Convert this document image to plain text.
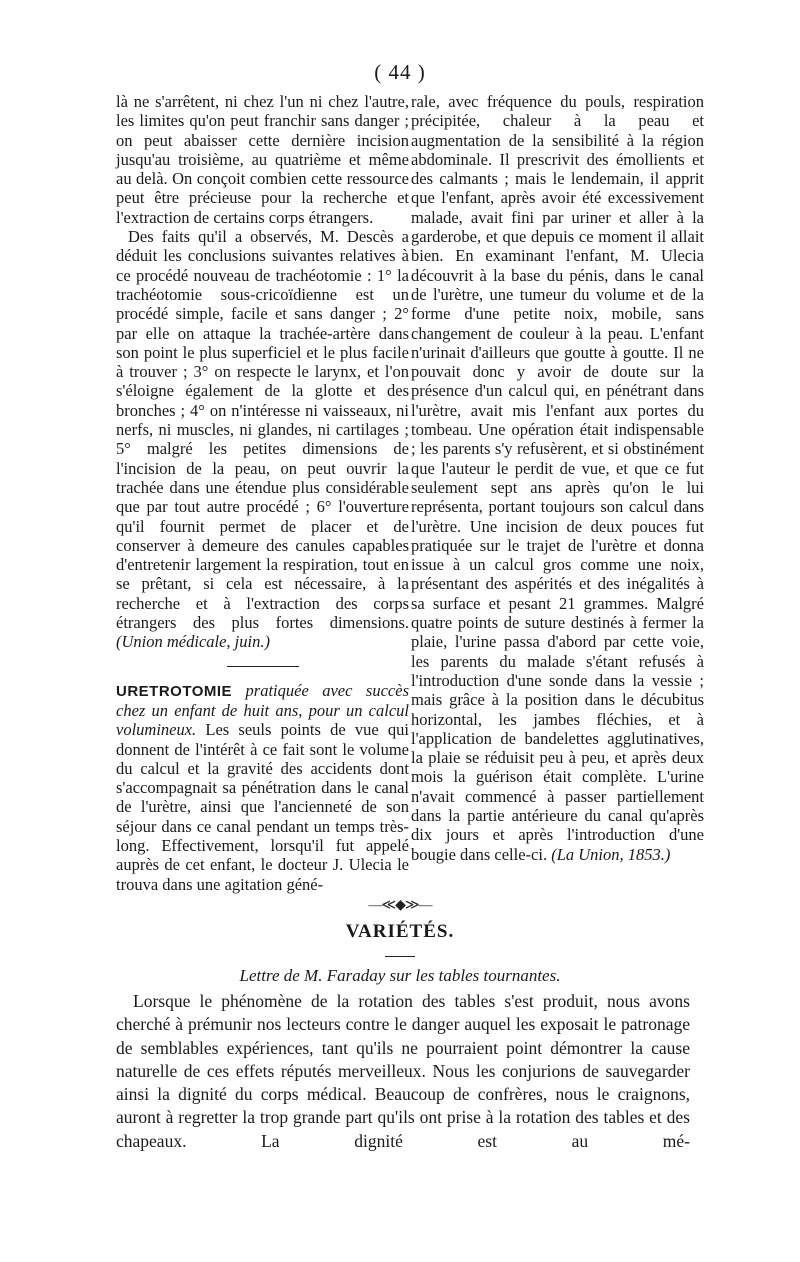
( 44 )

là ne s'arrêtent, ni chez l'un ni chez l'autre, les limites qu'on peut franchir sans danger ; on peut abaisser cette dernière incision jusqu'au troisième, au quatrième et même au delà. On conçoit combien cette ressource peut être précieuse pour la recherche et l'extraction de certains corps étrangers.

Des faits qu'il a observés, M. Descès a déduit les conclusions suivantes relatives à ce procédé nouveau de trachéotomie : 1° la trachéotomie sous-cricoïdienne est un procédé simple, facile et sans danger ; 2° par elle on attaque la trachée-artère dans son point le plus superficiel et le plus facile à trouver ; 3° on respecte le larynx, et l'on s'éloigne également de la glotte et des bronches ; 4° on n'intéresse ni vaisseaux, ni nerfs, ni muscles, ni glandes, ni cartilages ; 5° malgré les petites dimensions de l'incision de la peau, on peut ouvrir la trachée dans une étendue plus considérable que par tout autre procédé ; 6° l'ouverture qu'il fournit permet de placer et de conserver à demeure des canules capables d'entretenir largement la respiration, tout en se prêtant, si cela est nécessaire, à la recherche et à l'extraction des corps étrangers des plus fortes dimensions. (Union médicale, juin.)

URETROTOMIE pratiquée avec succès chez un enfant de huit ans, pour un calcul volumineux. Les seuls points de vue qui donnent de l'intérêt à ce fait sont le volume du calcul et la gravité des accidents dont s'accompagnait sa pénétration dans le canal de l'urètre, ainsi que l'ancienneté de son séjour dans ce canal pendant un temps très-long. Effectivement, lorsqu'il fut appelé auprès de cet enfant, le docteur J. Ulecia le trouva dans une agitation géné-

rale, avec fréquence du pouls, respiration précipitée, chaleur à la peau et augmentation de la sensibilité à la région abdominale. Il prescrivit des émollients et des calmants ; mais le lendemain, il apprit que l'enfant, après avoir été excessivement malade, avait fini par uriner et aller à la garderobe, et que depuis ce moment il allait bien. En examinant l'enfant, M. Ulecia découvrit à la base du pénis, dans le canal de l'urètre, une tumeur du volume et de la forme d'une petite noix, mobile, sans changement de couleur à la peau. L'enfant n'urinait d'ailleurs que goutte à goutte. Il ne pouvait donc y avoir de doute sur la présence d'un calcul qui, en pénétrant dans l'urètre, avait mis l'enfant aux portes du tombeau. Une opération était indispensable ; les parents s'y refusèrent, et si obstinément que l'auteur le perdit de vue, et que ce fut seulement sept ans après qu'on le lui représenta, portant toujours son calcul dans l'urètre. Une incision de deux pouces fut pratiquée sur le trajet de l'urètre et donna issue à un calcul gros comme une noix, présentant des aspérités et des inégalités à sa surface et pesant 21 grammes. Malgré quatre points de suture destinés à fermer la plaie, l'urine passa d'abord par cette voie, les parents du malade s'étant refusés à l'introduction d'une sonde dans la vessie ; mais grâce à la position dans le décubitus horizontal, les jambes fléchies, et à l'application de bandelettes agglutinatives, la plaie se réduisit peu à peu, et après deux mois la guérison était complète. L'urine n'avait commencé à passer partiellement dans la partie antérieure du canal qu'après dix jours et après l'introduction d'une bougie dans celle-ci. (La Union, 1853.)

—≪◆≫—
VARIÉTÉS.
Lettre de M. Faraday sur les tables tournantes.

Lorsque le phénomène de la rotation des tables s'est produit, nous avons cherché à prémunir nos lecteurs contre le danger auquel les exposait le patronage de semblables expériences, tant qu'ils ne pourraient point démontrer la cause naturelle de ces effets réputés merveilleux. Nous les conjurions de sauvegarder ainsi la dignité du corps médical. Beaucoup de confrères, nous le craignons, auront à regretter la trop grande part qu'ils ont prise à la rotation des tables et des chapeaux. La dignité est au mé-
